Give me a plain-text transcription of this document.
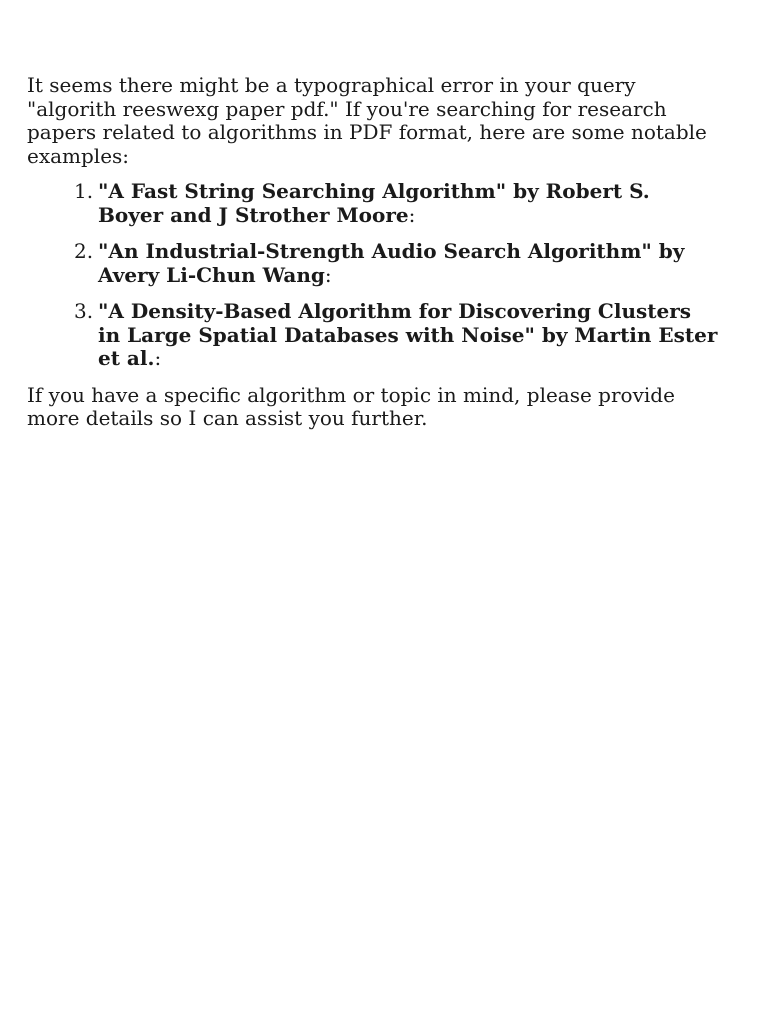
It seems there might be a typographical error in your query "algorith reeswexg paper pdf." If you're searching for research papers related to algorithms in PDF format, here are some notable examples:

1. "A Fast String Searching Algorithm" by Robert S. Boyer and J Strother Moore:
2. "An Industrial-Strength Audio Search Algorithm" by Avery Li-Chun Wang:
3. "A Density-Based Algorithm for Discovering Clusters in Large Spatial Databases with Noise" by Martin Ester et al.:

If you have a specific algorithm or topic in mind, please provide more details so I can assist you further.
